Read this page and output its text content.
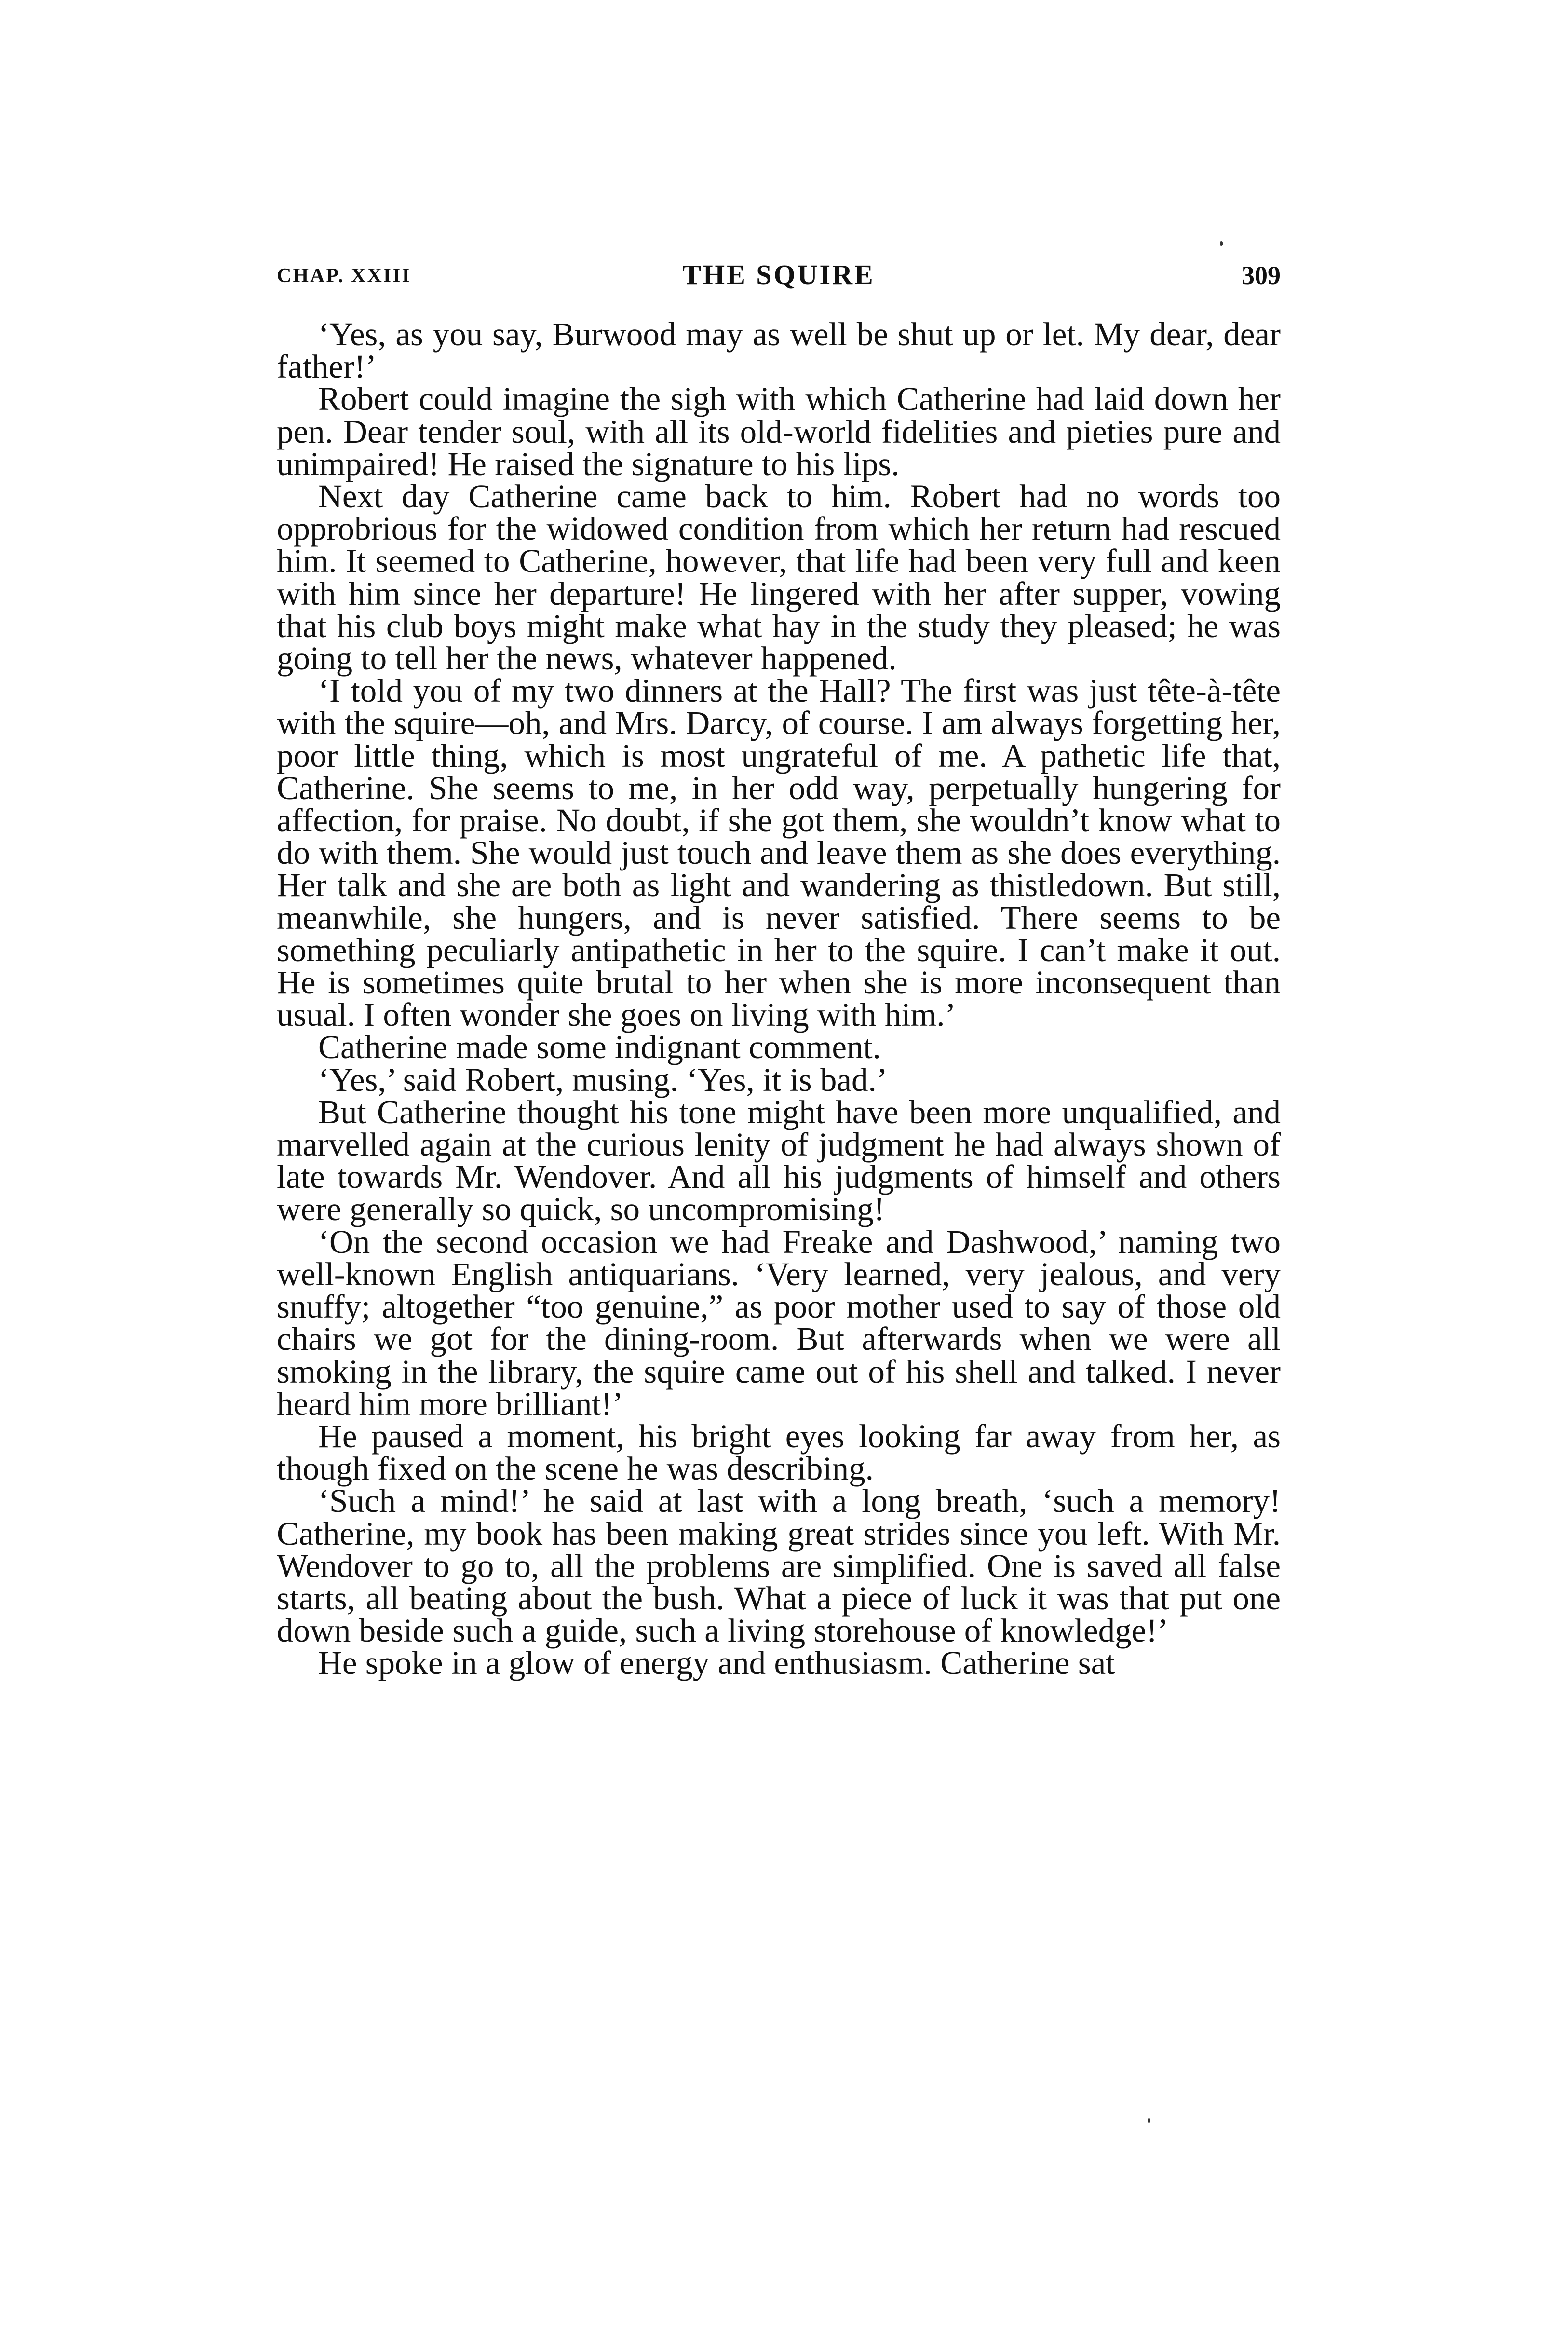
CHAP. XXIII	THE SQUIRE	309

‘Yes, as you say, Burwood may as well be shut up or let. My dear, dear father!’

Robert could imagine the sigh with which Catherine had laid down her pen. Dear tender soul, with all its old-world fidelities and pieties pure and unimpaired! He raised the signature to his lips.

Next day Catherine came back to him. Robert had no words too opprobrious for the widowed condition from which her return had rescued him. It seemed to Catherine, however, that life had been very full and keen with him since her departure! He lingered with her after supper, vowing that his club boys might make what hay in the study they pleased; he was going to tell her the news, whatever happened.

‘I told you of my two dinners at the Hall? The first was just tête-à-tête with the squire—oh, and Mrs. Darcy, of course. I am always forgetting her, poor little thing, which is most ungrateful of me. A pathetic life that, Catherine. She seems to me, in her odd way, perpetually hungering for affection, for praise. No doubt, if she got them, she wouldn’t know what to do with them. She would just touch and leave them as she does everything. Her talk and she are both as light and wandering as thistledown. But still, meanwhile, she hungers, and is never satisfied. There seems to be something peculiarly antipathetic in her to the squire. I can’t make it out. He is sometimes quite brutal to her when she is more inconsequent than usual. I often wonder she goes on living with him.’

Catherine made some indignant comment.

‘Yes,’ said Robert, musing. ‘Yes, it is bad.’

But Catherine thought his tone might have been more unqualified, and marvelled again at the curious lenity of judgment he had always shown of late towards Mr. Wendover. And all his judgments of himself and others were generally so quick, so uncompromising!

‘On the second occasion we had Freake and Dashwood,’ naming two well-known English antiquarians. ‘Very learned, very jealous, and very snuffy; altogether “too genuine,” as poor mother used to say of those old chairs we got for the dining-room. But afterwards when we were all smoking in the library, the squire came out of his shell and talked. I never heard him more brilliant!’

He paused a moment, his bright eyes looking far away from her, as though fixed on the scene he was describing.

‘Such a mind!’ he said at last with a long breath, ‘such a memory! Catherine, my book has been making great strides since you left. With Mr. Wendover to go to, all the problems are simplified. One is saved all false starts, all beating about the bush. What a piece of luck it was that put one down beside such a guide, such a living storehouse of knowledge!’

He spoke in a glow of energy and enthusiasm. Catherine sat
